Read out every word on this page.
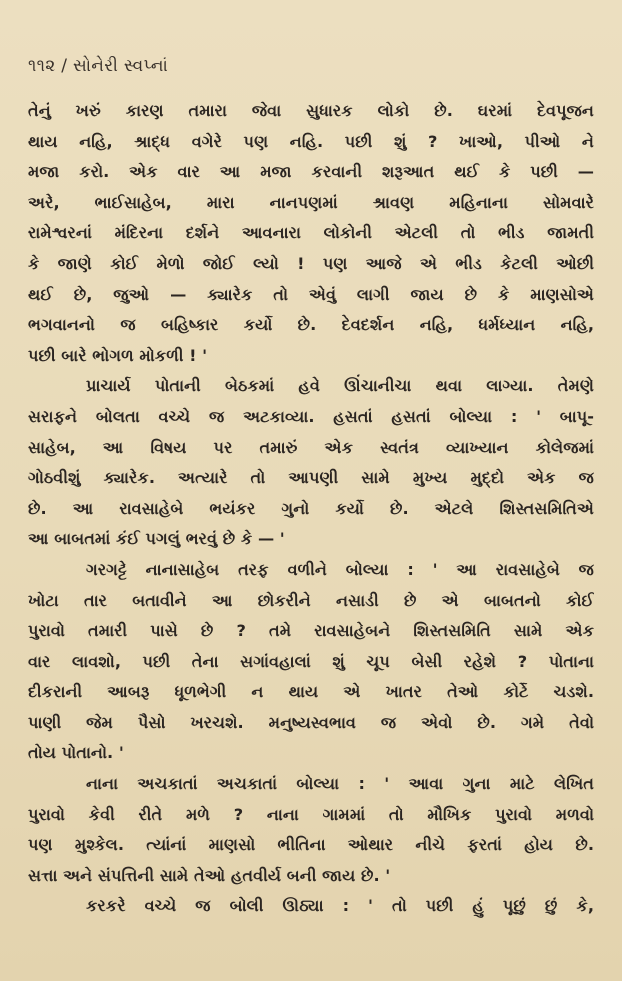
૧૧૨ / સોનેરી સ્વપ્નાં
તેનું ખરું કારણ તમારા જેવા સુધારક લોકો છે. ઘરમાં દેવપૂજન
થાય નહિ, શ્રાદ્ધ વગેરે પણ નહિ. પછી શું ? ખાઓ, પીઓ ને
મજા કરો. એક વાર આ મજા કરવાની શરૂઆત થઈ કે પછી —
અરે, ભાઈસાહેબ, મારા નાનપણમાં શ્રાવણ મહિનાના સોમવારે
રામેશ્વરનાં મંદિરના દર્શને આવનારા લોકોની એટલી તો ભીડ જામતી
કે જાણે કોઈ મેળો જોઈ લ્યો ! પણ આજે એ ભીડ કેટલી ઓછી
થઈ છે, જુઓ — ક્યારેક તો એવું લાગી જાય છે કે માણસોએ
ભગવાનનો જ બહિષ્કાર કર્યો છે. દેવદર્શન નહિ, ધર્મધ્યાન નહિ,
પછી બારે ભોગળ મોકળી ! '
પ્રાચાર્ય પોતાની બેઠકમાં હવે ઊંચાનીચા થવા લાગ્યા. તેમણે
સરાફને બોલતા વચ્ચે જ અટકાવ્યા. હસતાં હસતાં બોલ્યા : ' બાપૂ-
સાહેબ, આ વિષય પર તમારું એક સ્વતંત્ર વ્યાખ્યાન કોલેજમાં
ગોઠવીશું ક્યારેક. અત્યારે તો આપણી સામે મુખ્ય મુદ્દો એક જ
છે. આ રાવસાહેબે ભયંકર ગુનો કર્યો છે. એટલે શિસ્તસમિતિએ
આ બાબતમાં કંઈ પગલું ભરવું છે કે — '
ગરગટ્ટે નાનાસાહેબ તરફ વળીને બોલ્યા : ' આ રાવસાહેબે જ
ખોટા તાર બતાવીને આ છોકરીને નસાડી છે એ બાબતનો કોઈ
પુરાવો તમારી પાસે છે ? તમે રાવસાહેબને શિસ્તસમિતિ સામે એક
વાર લાવશો, પછી તેના સગાંવહાલાં શું ચૂપ બેસી રહેશે ? પોતાના
દીકરાની આબરૂ ધૂળભેગી ન થાય એ ખાતર તેઓ કોર્ટે ચડશે.
પાણી જેમ પૈસો ખરચશે. મનુષ્યસ્વભાવ જ એવો છે. ગમે તેવો
તોય પોતાનો. '
નાના અચકાતાં અચકાતાં બોલ્યા : ' આવા ગુના માટે લેખિત
પુરાવો કેવી રીતે મળે ? નાના ગામમાં તો મૌખિક પુરાવો મળવો
પણ મુશ્કેલ. ત્યાંનાં માણસો ભીતિના ઓથાર નીચે ફરતાં હોય છે.
સત્તા અને સંપત્તિની સામે તેઓ હતવીર્ય બની જાય છે. '
કરકરે વચ્ચે જ બોલી ઊઠ્યા : ' તો પછી હું પૂછું છું કે,
